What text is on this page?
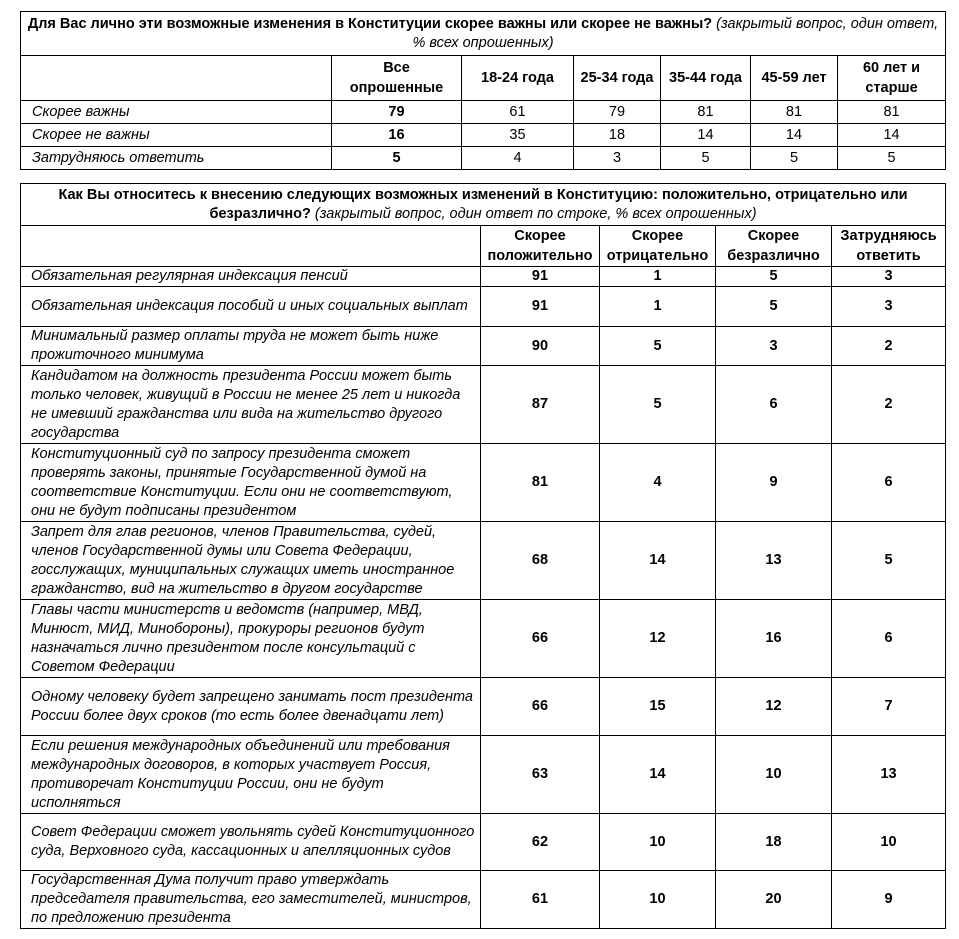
Для Вас лично эти возможные изменения в Конституции скорее важны или скорее не важны? (закрытый вопрос, один ответ, % всех опрошенных)						
	Все опрошенные	18-24 года	25-34 года	35-44 года	45-59 лет	60 лет и старше
Скорее важны	79	61	79	81	81	81
Скорее не важны	16	35	18	14	14	14
Затрудняюсь ответить	5	4	3	5	5	5
Как Вы относитесь к внесению следующих возможных изменений в Конституцию: положительно, отрицательно или безразлично? (закрытый вопрос, один ответ по строке, % всех опрошенных)				
	Скорее положительно	Скорее отрицательно	Скорее безразлично	Затрудняюсь ответить
Обязательная регулярная индексация пенсий	91	1	5	3
Обязательная индексация пособий и иных социальных выплат	91	1	5	3
Минимальный размер оплаты труда не может быть ниже прожиточного минимума	90	5	3	2
Кандидатом на должность президента России может быть только человек, живущий в России не менее 25 лет и никогда не имевший гражданства или вида на жительство другого государства	87	5	6	2
Конституционный суд по запросу президента сможет проверять законы, принятые Государственной думой на соответствие Конституции. Если они не соответствуют, они не будут подписаны президентом	81	4	9	6
Запрет для глав регионов, членов Правительства, судей, членов Государственной думы или Совета Федерации, госслужащих, муниципальных служащих иметь иностранное гражданство, вид на жительство в другом государстве	68	14	13	5
Главы части министерств и ведомств (например, МВД, Минюст, МИД, Минобороны), прокуроры регионов будут назначаться лично президентом после консультаций с Советом Федерации	66	12	16	6
Одному человеку будет запрещено занимать пост президента России более двух сроков (то есть более двенадцати лет)	66	15	12	7
Если решения международных объединений или требования международных договоров, в которых участвует Россия, противоречат Конституции России, они не будут исполняться	63	14	10	13
Совет Федерации сможет увольнять судей Конституционного суда, Верховного суда, кассационных и апелляционных судов	62	10	18	10
Государственная Дума получит право утверждать председателя правительства, его заместителей, министров, по предложению президента	61	10	20	9
